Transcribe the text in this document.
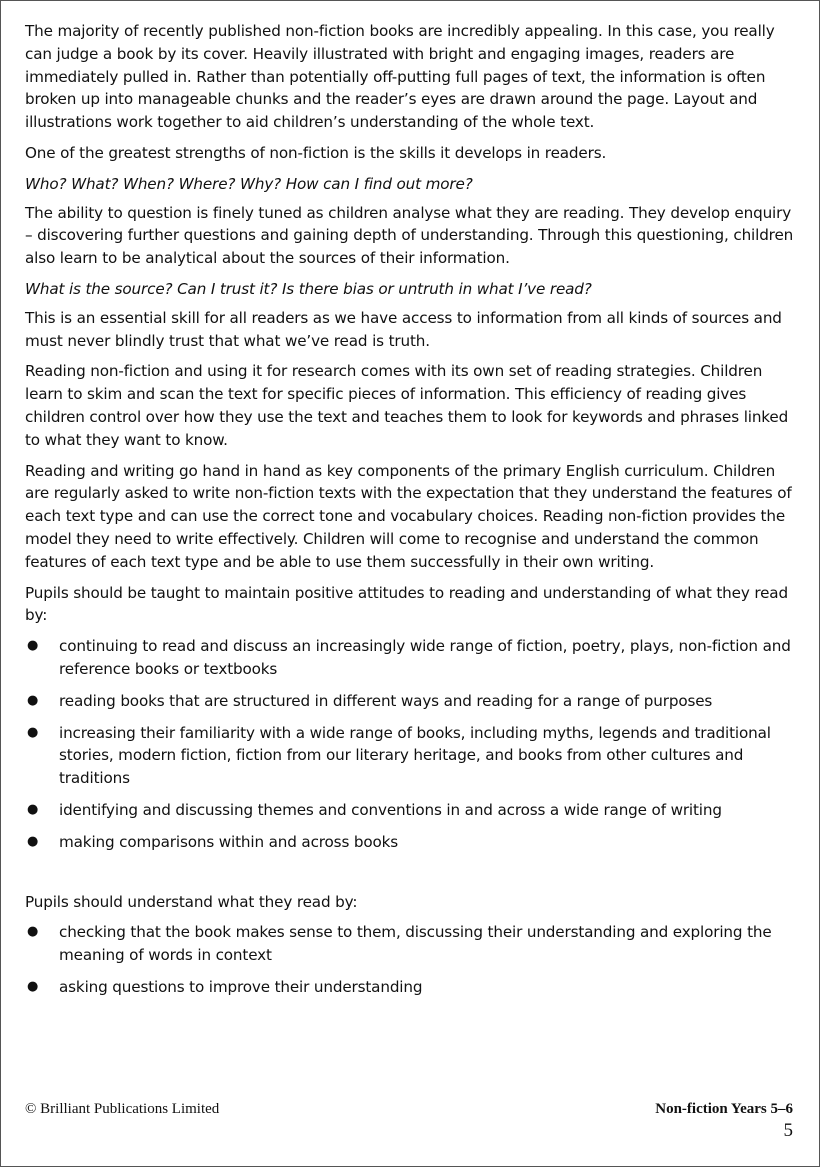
The majority of recently published non-fiction books are incredibly appealing. In this case, you really can judge a book by its cover. Heavily illustrated with bright and engaging images, readers are immediately pulled in. Rather than potentially off-putting full pages of text, the information is often broken up into manageable chunks and the reader’s eyes are drawn around the page. Layout and illustrations work together to aid children’s understanding of the whole text.

One of the greatest strengths of non-fiction is the skills it develops in readers.

Who? What? When? Where? Why? How can I find out more?

The ability to question is finely tuned as children analyse what they are reading. They develop enquiry – discovering further questions and gaining depth of understanding. Through this questioning, children also learn to be analytical about the sources of their information.

What is the source? Can I trust it? Is there bias or untruth in what I’ve read?

This is an essential skill for all readers as we have access to information from all kinds of sources and must never blindly trust that what we’ve read is truth.

Reading non-fiction and using it for research comes with its own set of reading strategies. Children learn to skim and scan the text for specific pieces of information. This efficiency of reading gives children control over how they use the text and teaches them to look for keywords and phrases linked to what they want to know.

Reading and writing go hand in hand as key components of the primary English curriculum. Children are regularly asked to write non-fiction texts with the expectation that they understand the features of each text type and can use the correct tone and vocabulary choices. Reading non-fiction provides the model they need to write effectively. Children will come to recognise and understand the common features of each text type and be able to use them successfully in their own writing.

Pupils should be taught to maintain positive attitudes to reading and understanding of what they read by:

● continuing to read and discuss an increasingly wide range of fiction, poetry, plays, non-fiction and reference books or textbooks
● reading books that are structured in different ways and reading for a range of purposes
● increasing their familiarity with a wide range of books, including myths, legends and traditional stories, modern fiction, fiction from our literary heritage, and books from other cultures and traditions
● identifying and discussing themes and conventions in and across a wide range of writing
● making comparisons within and across books

Pupils should understand what they read by:

● checking that the book makes sense to them, discussing their understanding and exploring the meaning of words in context
● asking questions to improve their understanding
© Brilliant Publications Limited	Non-fiction Years 5–6
5
